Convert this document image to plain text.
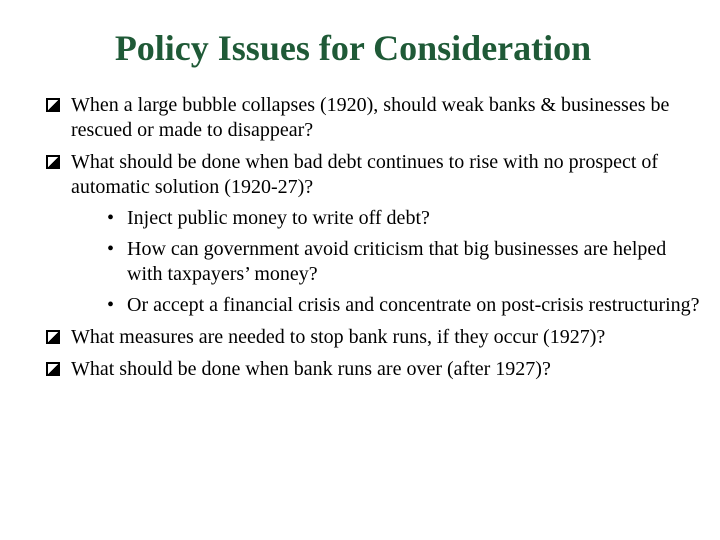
Policy Issues for Consideration
When a large bubble collapses (1920), should weak banks & businesses be rescued or made to disappear?
What should be done when bad debt continues to rise with no prospect of automatic solution (1920-27)?
• Inject public money to write off debt?
• How can government avoid criticism that big businesses are helped with taxpayers’ money?
• Or accept a financial crisis and concentrate on post-crisis restructuring?
What measures are needed to stop bank runs, if they occur (1927)?
What should be done when bank runs are over (after 1927)?
